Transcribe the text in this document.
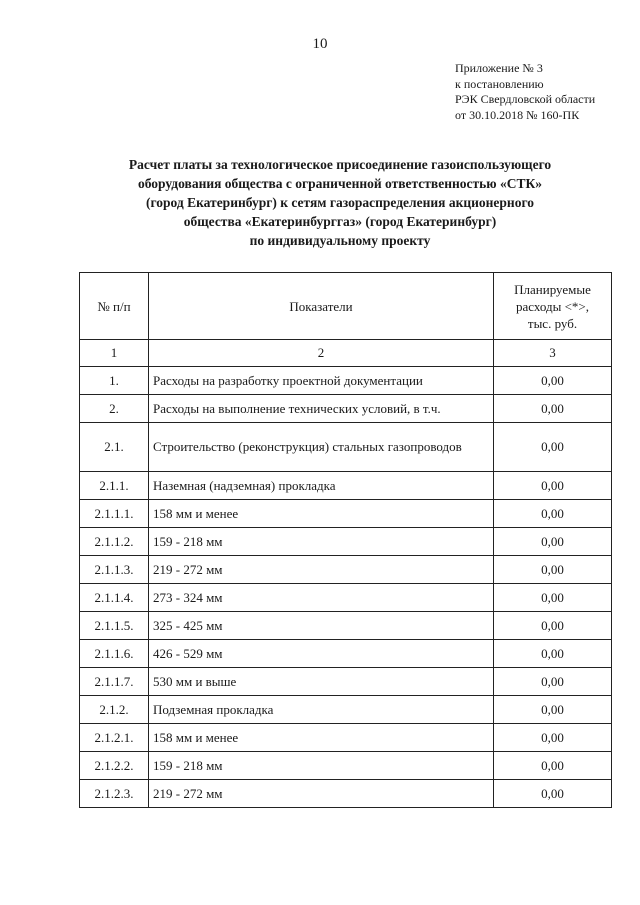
10
Приложение № 3
к постановлению
РЭК Свердловской области
от 30.10.2018 № 160-ПК
Расчет платы за технологическое присоединение газоиспользующего
оборудования общества с ограниченной ответственностью «СТК»
(город Екатеринбург) к сетям газораспределения акционерного
общества «Екатеринбурггаз» (город Екатеринбург)
по индивидуальному проекту
№ п/п	Показатели	Планируемые
расходы <*>,
тыс. руб.

1	2	3
1.	Расходы на разработку проектной документации	0,00
2.	Расходы на выполнение технических условий, в т.ч.	0,00
2.1.	Строительство (реконструкция) стальных газопроводов	0,00
2.1.1.	Наземная (надземная) прокладка	0,00
2.1.1.1.	158 мм и менее	0,00
2.1.1.2.	159 - 218 мм	0,00
2.1.1.3.	219 - 272 мм	0,00
2.1.1.4.	273 - 324 мм	0,00
2.1.1.5.	325 - 425 мм	0,00
2.1.1.6.	426 - 529 мм	0,00
2.1.1.7.	530 мм и выше	0,00
2.1.2.	Подземная прокладка	0,00
2.1.2.1.	158 мм и менее	0,00
2.1.2.2.	159 - 218 мм	0,00
2.1.2.3.	219 - 272 мм	0,00
